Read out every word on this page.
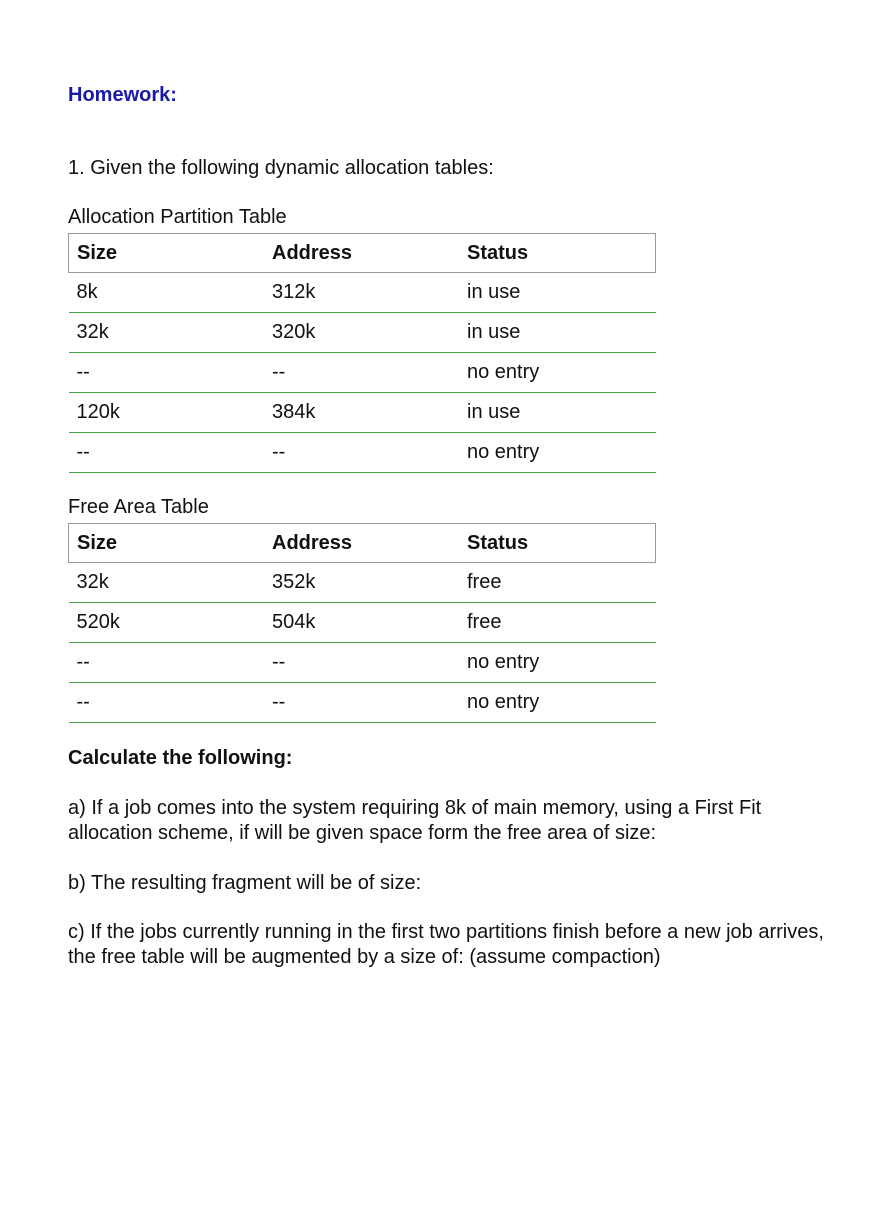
Homework:
1. Given the following dynamic allocation tables:
Allocation Partition Table
Size	Address	Status
8k	312k	in use
32k	320k	in use
--	--	no entry
120k	384k	in use
--	--	no entry
Free Area Table
Size	Address	Status
32k	352k	free
520k	504k	free
--	--	no entry
--	--	no entry
Calculate the following:
a) If a job comes into the system requiring 8k of main memory, using a First Fit allocation scheme, if will be given space form the free area of size:
b) The resulting fragment will be of size:
c) If the jobs currently running in the first two partitions finish before a new job arrives, the free table will be augmented by a size of: (assume compaction)
